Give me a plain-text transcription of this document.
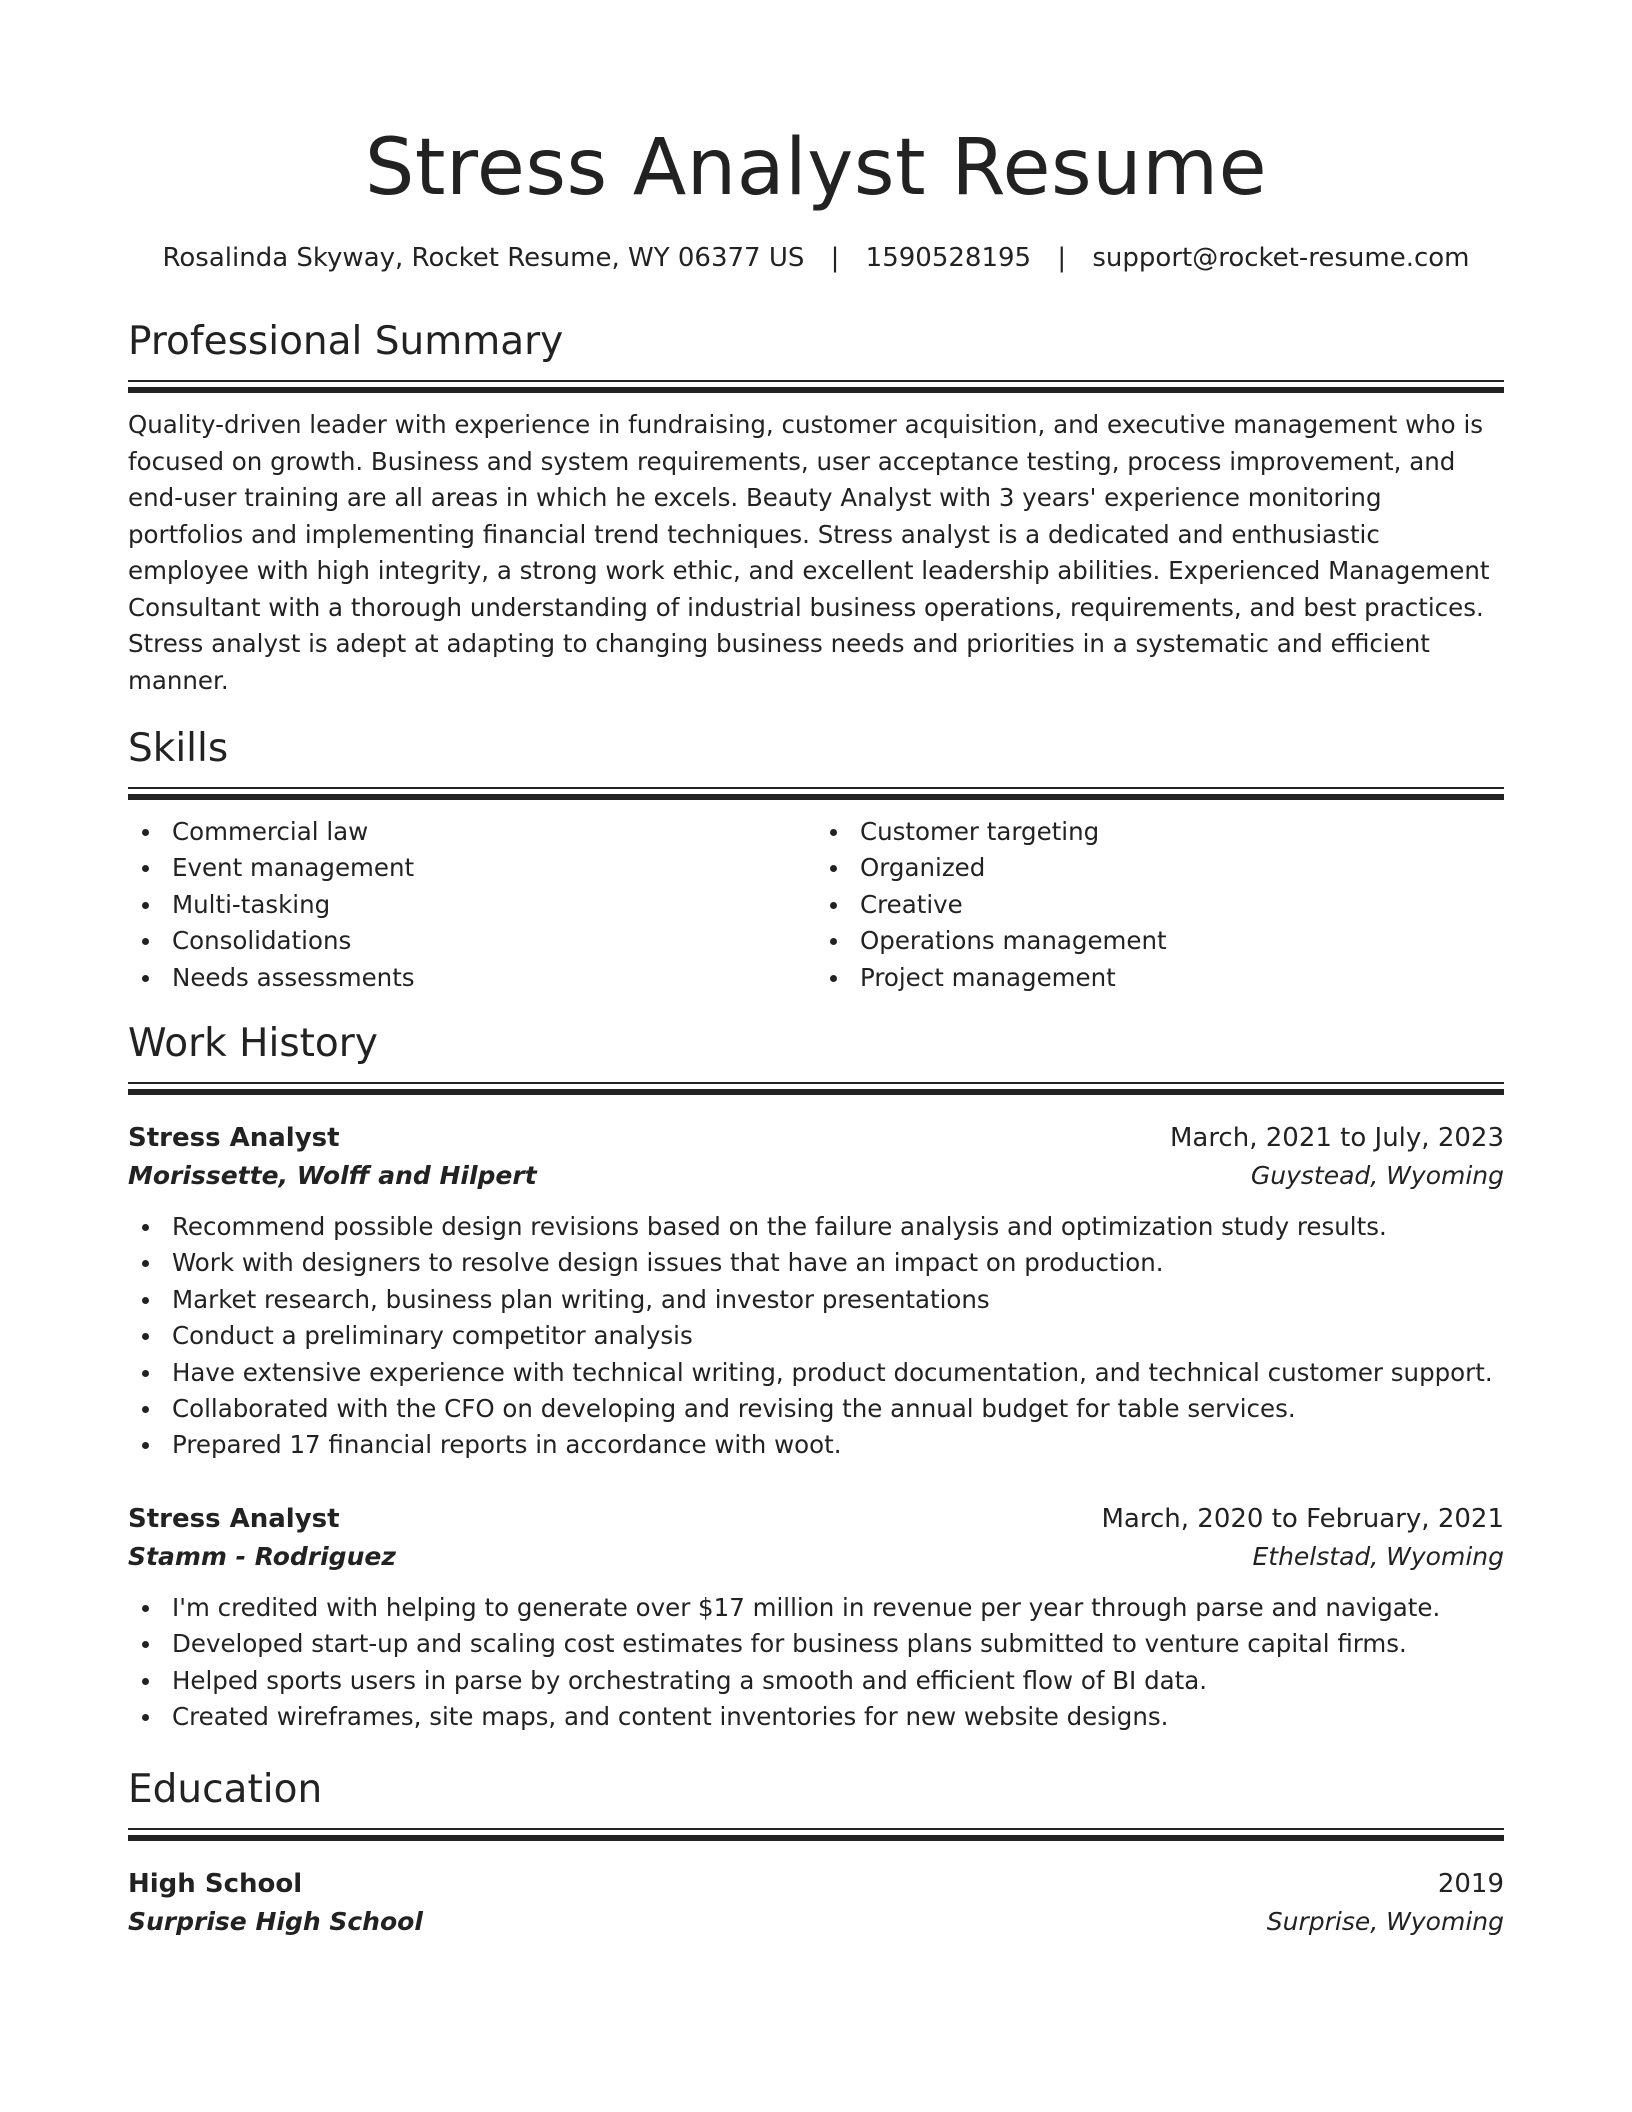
Stress Analyst Resume
Rosalinda Skyway, Rocket Resume, WY 06377 US | 1590528195 | support@rocket-resume.com
Professional Summary

Quality-driven leader with experience in fundraising, customer acquisition, and executive management who is focused on growth. Business and system requirements, user acceptance testing, process improvement, and end-user training are all areas in which he excels. Beauty Analyst with 3 years' experience monitoring portfolios and implementing financial trend techniques. Stress analyst is a dedicated and enthusiastic employee with high integrity, a strong work ethic, and excellent leadership abilities. Experienced Management Consultant with a thorough understanding of industrial business operations, requirements, and best practices. Stress analyst is adept at adapting to changing business needs and priorities in a systematic and efficient manner.

Skills
Commercial law
Event management
Multi-tasking
Consolidations
Needs assessments
Customer targeting
Organized
Creative
Operations management
Project management
Work History
Stress Analyst	March, 2021 to July, 2023
Morissette, Wolff and Hilpert	Guystead, Wyoming
Recommend possible design revisions based on the failure analysis and optimization study results.
Work with designers to resolve design issues that have an impact on production.
Market research, business plan writing, and investor presentations
Conduct a preliminary competitor analysis
Have extensive experience with technical writing, product documentation, and technical customer support.
Collaborated with the CFO on developing and revising the annual budget for table services.
Prepared 17 financial reports in accordance with woot.
Stress Analyst	March, 2020 to February, 2021
Stamm - Rodriguez	Ethelstad, Wyoming
I'm credited with helping to generate over $17 million in revenue per year through parse and navigate.
Developed start-up and scaling cost estimates for business plans submitted to venture capital firms.
Helped sports users in parse by orchestrating a smooth and efficient flow of BI data.
Created wireframes, site maps, and content inventories for new website designs.
Education
High School	2019
Surprise High School	Surprise, Wyoming
